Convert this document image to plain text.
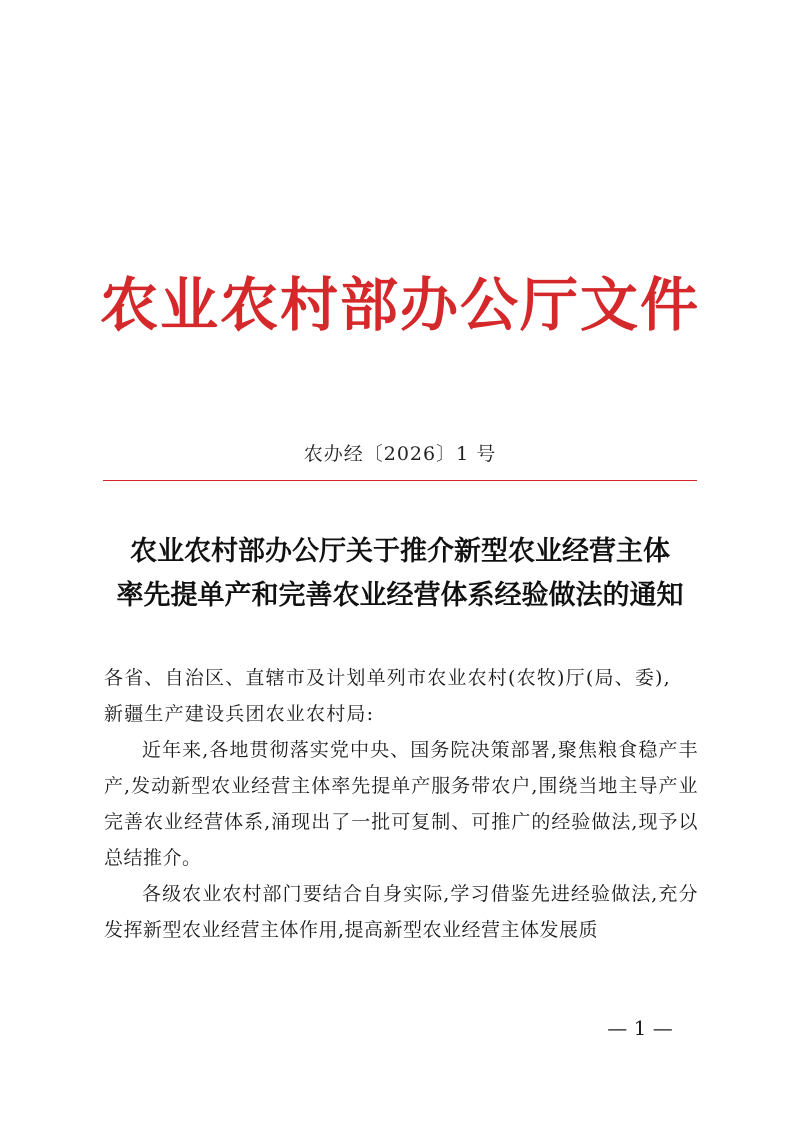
农业农村部办公厅文件
农办经〔2026〕1 号
农业农村部办公厅关于推介新型农业经营主体
率先提单产和完善农业经营体系经验做法的通知

各省、自治区、直辖市及计划单列市农业农村(农牧)厅(局、委),

新疆生产建设兵团农业农村局:

近年来,各地贯彻落实党中央、国务院决策部署,聚焦粮食稳产丰产,发动新型农业经营主体率先提单产服务带农户,围绕当地主导产业完善农业经营体系,涌现出了一批可复制、可推广的经验做法,现予以总结推介。

各级农业农村部门要结合自身实际,学习借鉴先进经验做法,充分发挥新型农业经营主体作用,提高新型农业经营主体发展质

— 1 —
